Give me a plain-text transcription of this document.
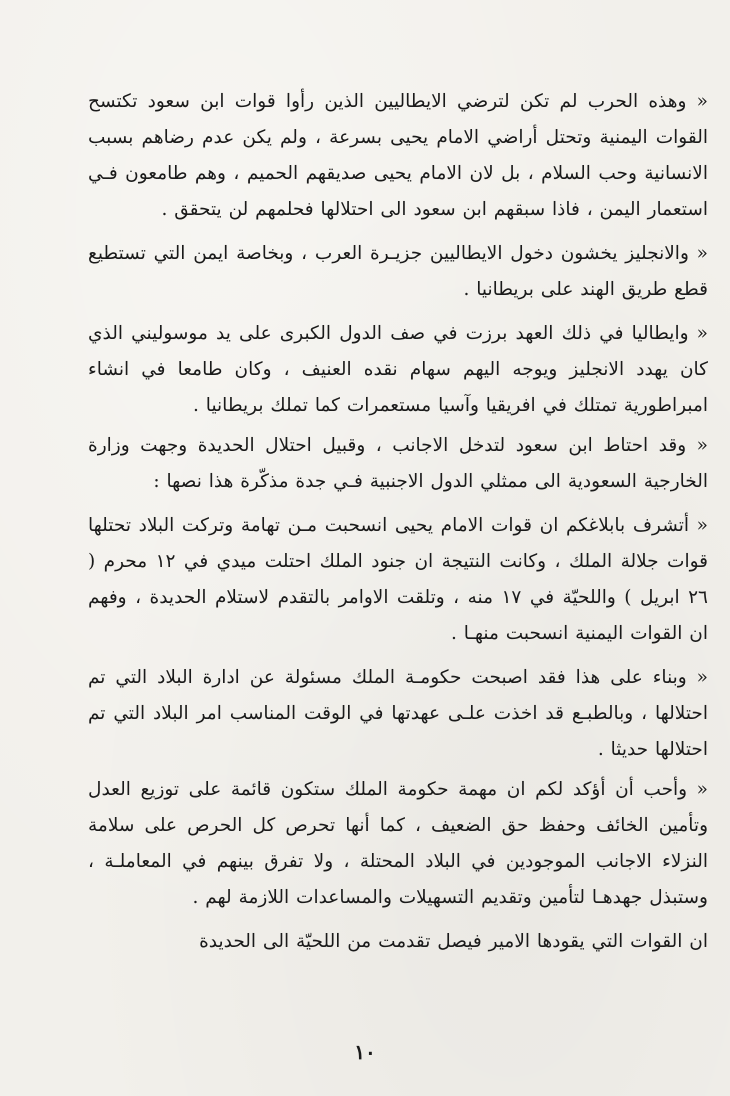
« وهذه الحرب لم تكن لترضي الايطاليين الذين رأوا قوات ابن سعود تكتسح القوات اليمنية وتحتل أراضي الامام يحيى بسرعة ، ولم يكن عدم رضاهم بسبب الانسانية وحب السلام ، بل لان الامام يحيى صديقهم الحميم ، وهم طامعون فـي استعمار اليمن ، فاذا سبقهم ابن سعود الى احتلالها فحلمهم لن يتحقق .

« والانجليز يخشون دخول الايطاليين جزيـرة العرب ، وبخاصة ايمن التي تستطيع قطع طريق الهند على بريطانيا .

« وايطاليا في ذلك العهد برزت في صف الدول الكبرى على يد موسوليني الذي كان يهدد الانجليز ويوجه اليهم سهام نقده العنيف ، وكان طامعا في انشاء امبراطورية تمتلك في افريقيا وآسيا مستعمرات كما تملك بريطانيا .

« وقد احتاط ابن سعود لتدخل الاجانب ، وقبيل احتلال الحديدة وجهت وزارة الخارجية السعودية الى ممثلي الدول الاجنبية فـي جدة مذكّرة هذا نصها :

« أتشرف بابلاغكم ان قوات الامام يحيى انسحبت مـن تهامة وتركت البلاد تحتلها قوات جلالة الملك ، وكانت النتيجة ان جنود الملك احتلت ميدي في ١٢ محرم ( ٢٦ ابريل ) واللحيّة في ١٧ منه ، وتلقت الاوامر بالتقدم لاستلام الحديدة ، وفهم ان القوات اليمنية انسحبت منهـا .

« وبناء على هذا فقد اصبحت حكومـة الملك مسئولة عن ادارة البلاد التي تم احتلالها ، وبالطبـع قد اخذت علـى عهدتها في الوقت المناسب امر البلاد التي تم احتلالها حديثا .

« وأحب أن أؤكد لكم ان مهمة حكومة الملك ستكون قائمة على توزيع العدل وتأمين الخائف وحفظ حق الضعيف ، كما أنها تحرص كل الحرص على سلامة النزلاء الاجانب الموجودين في البلاد المحتلة ، ولا تفرق بينهم في المعاملـة ، وستبذل جهدهـا لتأمين وتقديم التسهيلات والمساعدات اللازمة لهم .

ان القوات التي يقودها الامير فيصل تقدمت من اللحيّة الى الحديدة

١٠
